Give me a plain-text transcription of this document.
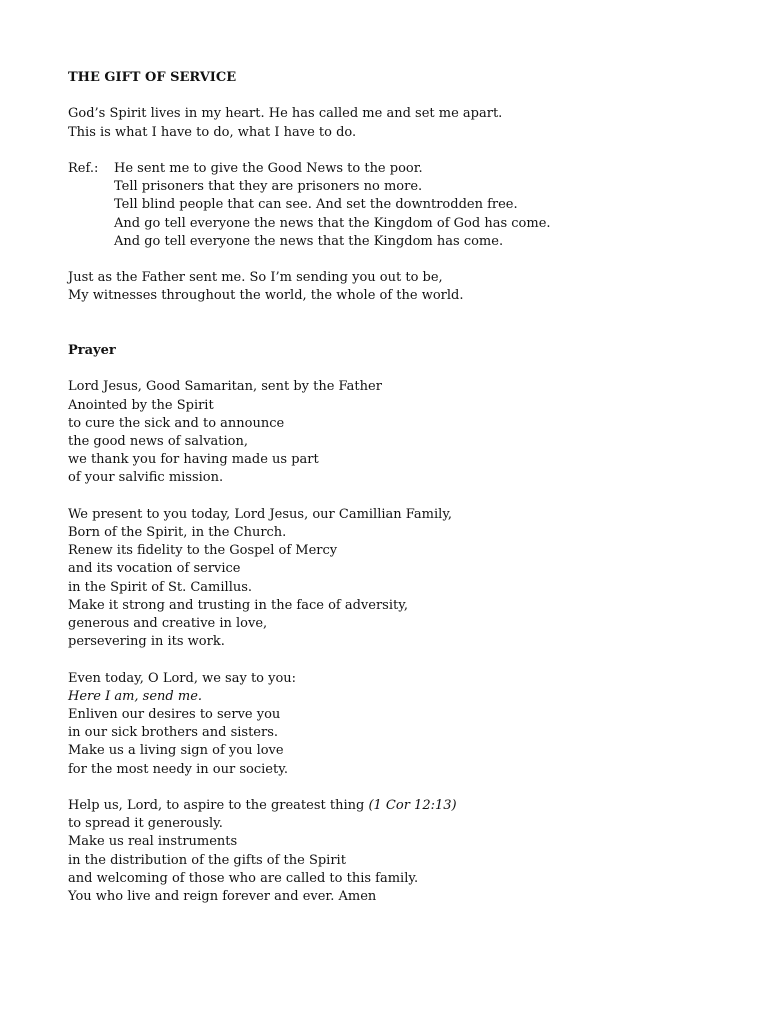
THE GIFT OF SERVICE
God’s Spirit lives in my heart. He has called me and set me apart.
This is what I have to do, what I have to do.
Ref.:	He sent me to give the Good News to the poor.
Tell prisoners that they are prisoners no more.
Tell blind people that can see. And set the downtrodden free.
And go tell everyone the news that the Kingdom of God has come.
And go tell everyone the news that the Kingdom has come.
Just as the Father sent me. So I’m sending you out to be,
My witnesses throughout the world, the whole of the world.
Prayer
Lord Jesus, Good Samaritan, sent by the Father
Anointed by the Spirit
to cure the sick and to announce
the good news of salvation,
we thank you for having made us part
of your salvific mission.
We present to you today, Lord Jesus, our Camillian Family,
Born of the Spirit, in the Church.
Renew its fidelity to the Gospel of Mercy
and its vocation of service
in the Spirit of St. Camillus.
Make it strong and trusting in the face of adversity,
generous and creative in love,
persevering in its work.
Even today, O Lord, we say to you:
Here I am, send me.
Enliven our desires to serve you
in our sick brothers and sisters.
Make us a living sign of you love
for the most needy in our society.
Help us, Lord, to aspire to the greatest thing (1 Cor 12:13)
to spread it generously.
Make us real instruments
in the distribution of the gifts of the Spirit
and welcoming of those who are called to this family.
You who live and reign forever and ever. Amen
